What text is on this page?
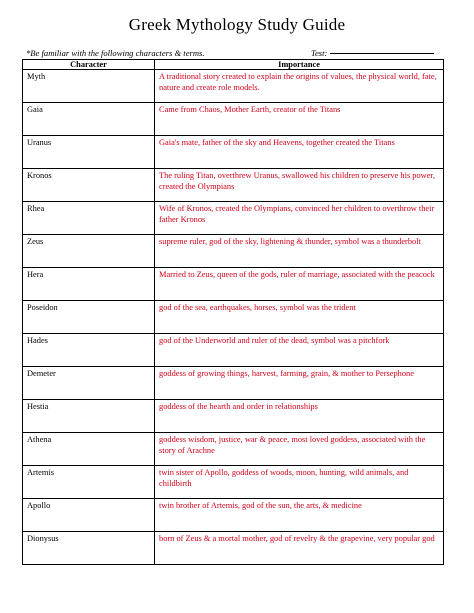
Greek Mythology Study Guide
*Be familiar with the following characters & terms.	Test:
Character	Importance
Myth	A traditional story created to explain the origins of values, the physical world, fate, nature and create role models.
Gaia	Came from Chaos, Mother Earth, creator of the Titans
Uranus	Gaia's mate, father of the sky and Heavens, together created the Titans
Kronos	The ruling Titan, overthrew Uranus, swallowed his children to preserve his power, created the Olympians
Rhea	Wife of Kronos, created the Olympians, convinced her children to overthrow their father Kronos
Zeus	supreme ruler, god of the sky, lightening & thunder, symbol was a thunderbolt
Hera	Married to Zeus, queen of the gods, ruler of marriage, associated with the peacock
Poseidon	god of the sea, earthquakes, horses, symbol was the trident
Hades	god of the Underworld and ruler of the dead, symbol was a pitchfork
Demeter	goddess of growing things, harvest, farming, grain, & mother to Persephone
Hestia	goddess of the hearth and order in relationships
Athena	goddess wisdom, justice, war & peace, most loved goddess, associated with the story of Arachne
Artemis	twin sister of Apollo, goddess of woods, moon, hunting, wild animals, and childbirth
Apollo	twin brother of Artemis, god of the sun, the arts, & medicine
Dionysus	born of Zeus & a mortal mother, god of revelry & the grapevine, very popular god
